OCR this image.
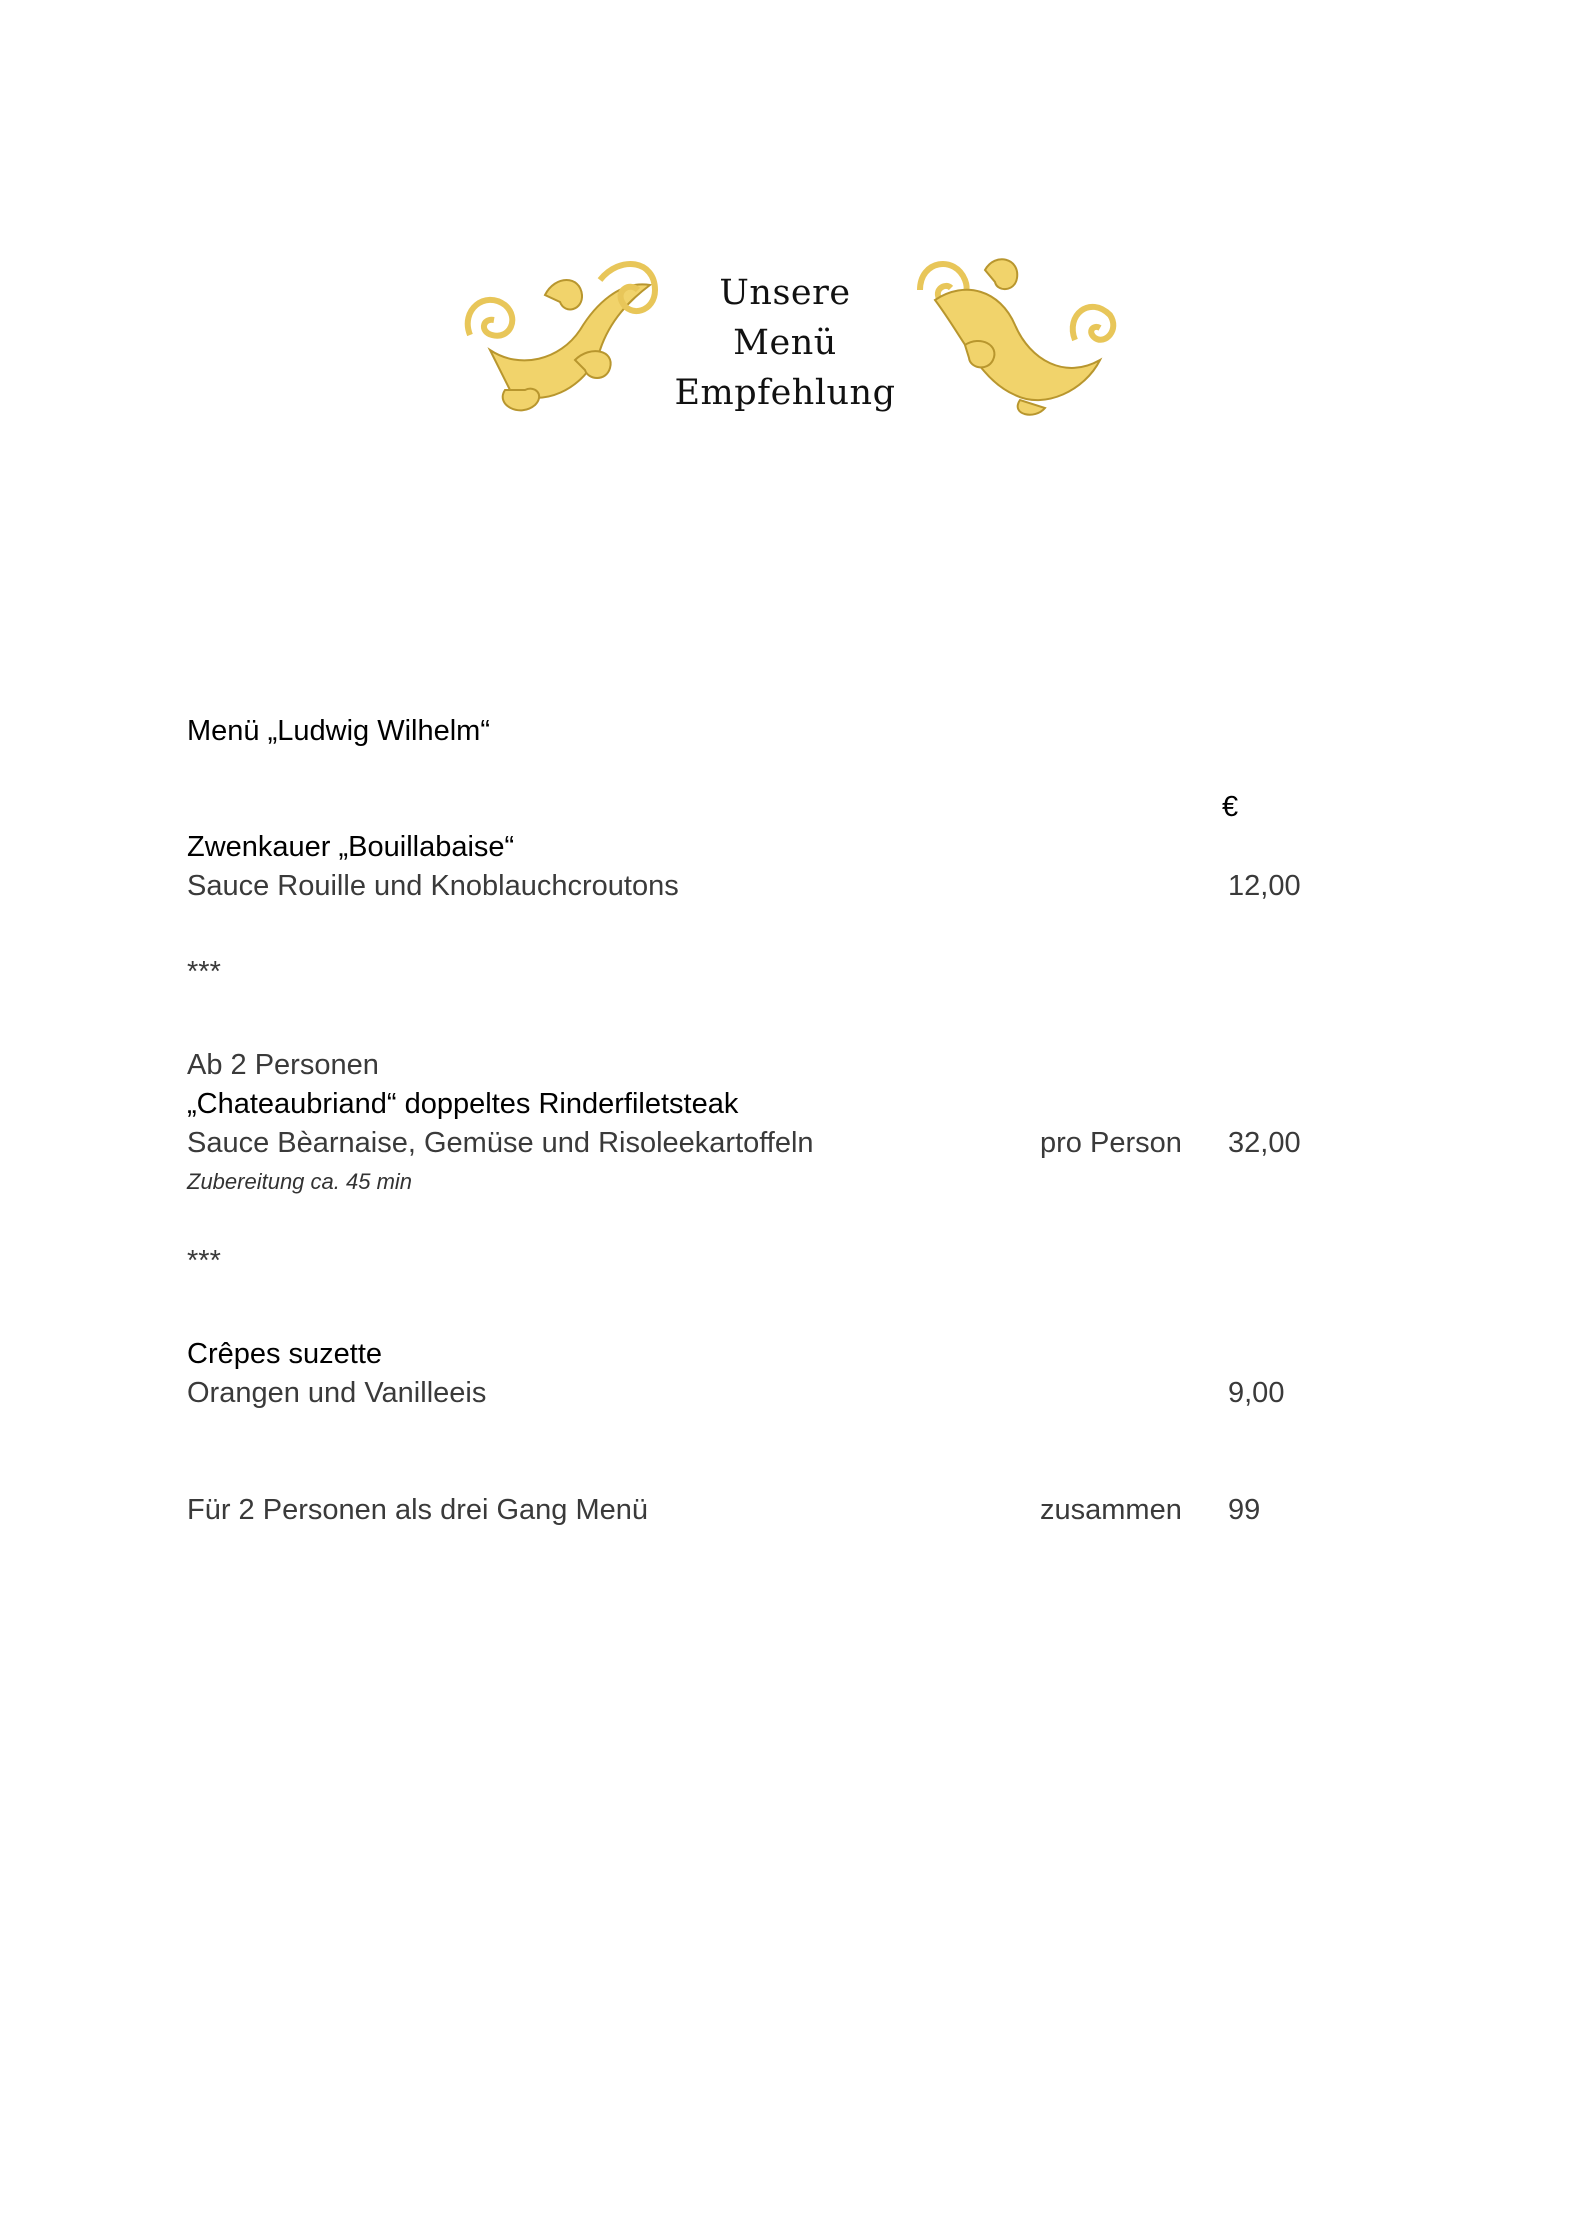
Unsere Menü
Empfehlung
Menü „Ludwig Wilhelm“
€
Zwenkauer „Bouillabaise“
Sauce Rouille und Knoblauchcroutons	12,00
***
Ab 2 Personen
„Chateaubriand“ doppeltes Rinderfiletsteak
Sauce Bèarnaise, Gemüse und Risoleekartoffeln	pro Person 32,00
Zubereitung ca. 45 min
***
Crêpes suzette
Orangen und Vanilleeis	9,00
Für 2 Personen als drei Gang Menü	zusammen 99
